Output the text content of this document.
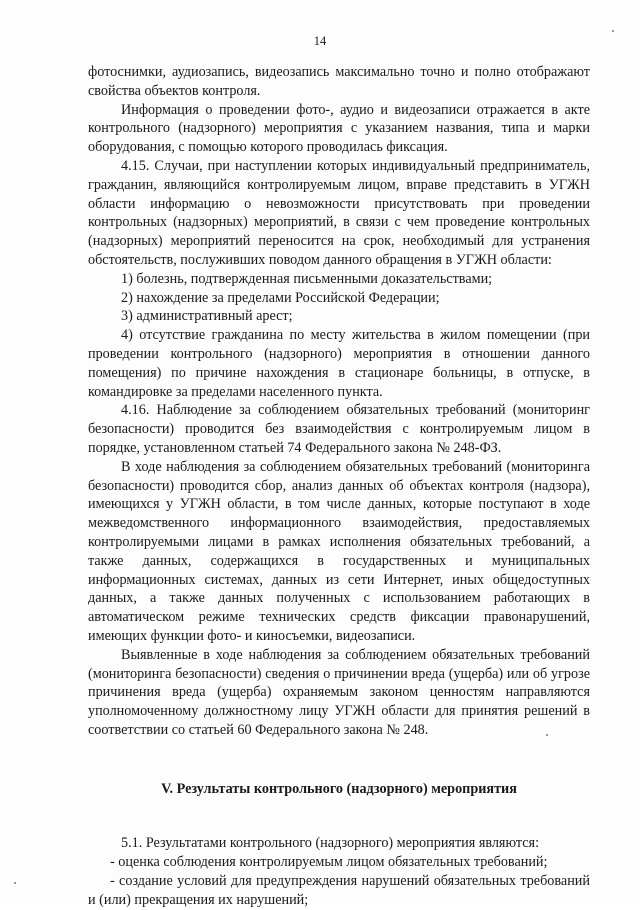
14

фотоснимки, аудиозапись, видеозапись максимально точно и полно отображают свойства объектов контроля.

Информация о проведении фото-, аудио и видеозаписи отражается в акте контрольного (надзорного) мероприятия с указанием названия, типа и марки оборудования, с помощью которого проводилась фиксация.

4.15. Случаи, при наступлении которых индивидуальный предприниматель, гражданин, являющийся контролируемым лицом, вправе представить в УГЖН области информацию о невозможности присутствовать при проведении контрольных (надзорных) мероприятий, в связи с чем проведение контрольных (надзорных) мероприятий переносится на срок, необходимый для устранения обстоятельств, послуживших поводом данного обращения в УГЖН области:

1) болезнь, подтвержденная письменными доказательствами;

2) нахождение за пределами Российской Федерации;

3) административный арест;

4) отсутствие гражданина по месту жительства в жилом помещении (при проведении контрольного (надзорного) мероприятия в отношении данного помещения) по причине нахождения в стационаре больницы, в отпуске, в командировке за пределами населенного пункта.

4.16. Наблюдение за соблюдением обязательных требований (мониторинг безопасности) проводится без взаимодействия с контролируемым лицом в порядке, установленном статьей 74 Федерального закона № 248-ФЗ.

В ходе наблюдения за соблюдением обязательных требований (мониторинга безопасности) проводится сбор, анализ данных об объектах контроля (надзора), имеющихся у УГЖН области, в том числе данных, которые поступают в ходе межведомственного информационного взаимодействия, предоставляемых контролируемыми лицами в рамках исполнения обязательных требований, а также данных, содержащихся в государственных и муниципальных информационных системах, данных из сети Интернет, иных общедоступных данных, а также данных полученных с использованием работающих в автоматическом режиме технических средств фиксации правонарушений, имеющих функции фото- и киносъемки, видеозаписи.

Выявленные в ходе наблюдения за соблюдением обязательных требований (мониторинга безопасности) сведения о причинении вреда (ущерба) или об угрозе причинения вреда (ущерба) охраняемым законом ценностям направляются уполномоченному должностному лицу УГЖН области для принятия решений в соответствии со статьей 60 Федерального закона № 248.

V. Результаты контрольного (надзорного) мероприятия

5.1. Результатами контрольного (надзорного) мероприятия являются:

- оценка соблюдения контролируемым лицом обязательных требований;

- создание условий для предупреждения нарушений обязательных требований и (или) прекращения их нарушений;
